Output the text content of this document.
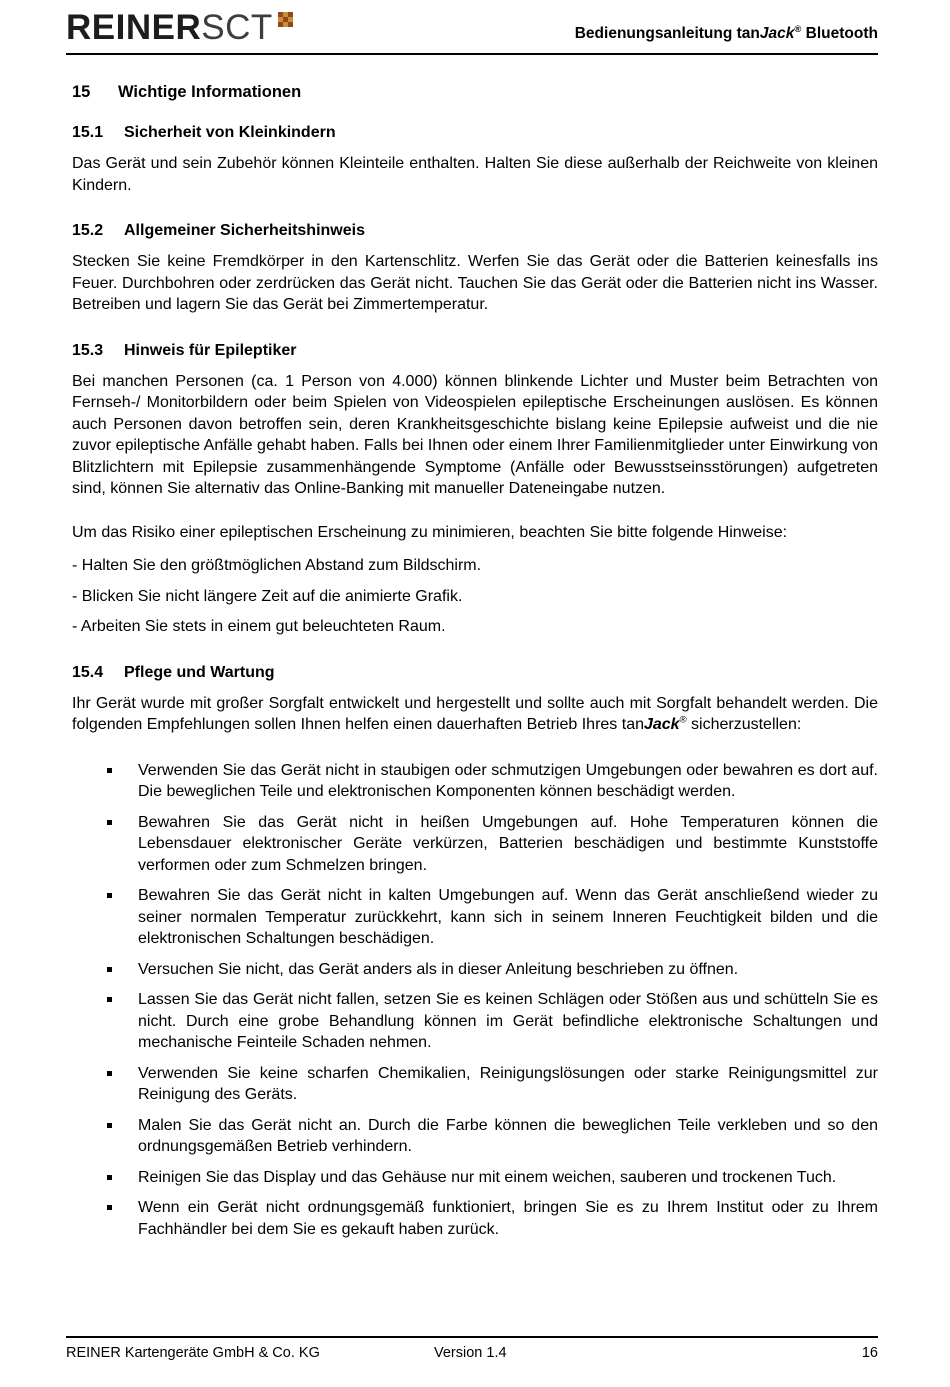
REINER SCT	Bedienungsanleitung tanJack® Bluetooth
15 Wichtige Informationen
15.1 Sicherheit von Kleinkindern

Das Gerät und sein Zubehör können Kleinteile enthalten. Halten Sie diese außerhalb der Reichweite von kleinen Kindern.

15.2 Allgemeiner Sicherheitshinweis

Stecken Sie keine Fremdkörper in den Kartenschlitz. Werfen Sie das Gerät oder die Batterien keinesfalls ins Feuer. Durchbohren oder zerdrücken das Gerät nicht. Tauchen Sie das Gerät oder die Batterien nicht ins Wasser. Betreiben und lagern Sie das Gerät bei Zimmertemperatur.

15.3 Hinweis für Epileptiker

Bei manchen Personen (ca. 1 Person von 4.000) können blinkende Lichter und Muster beim Betrachten von Fernseh-/ Monitorbildern oder beim Spielen von Videospielen epileptische Erscheinungen auslösen. Es können auch Personen davon betroffen sein, deren Krankheitsgeschichte bislang keine Epilepsie aufweist und die nie zuvor epileptische Anfälle gehabt haben. Falls bei Ihnen oder einem Ihrer Familienmitglieder unter Einwirkung von Blitzlichtern mit Epilepsie zusammenhängende Symptome (Anfälle oder Bewusstseinsstörungen) aufgetreten sind, können Sie alternativ das Online-Banking mit manueller Dateneingabe nutzen.

Um das Risiko einer epileptischen Erscheinung zu minimieren, beachten Sie bitte folgende Hinweise:

- Halten Sie den größtmöglichen Abstand zum Bildschirm.

- Blicken Sie nicht längere Zeit auf die animierte Grafik.

- Arbeiten Sie stets in einem gut beleuchteten Raum.

15.4 Pflege und Wartung

Ihr Gerät wurde mit großer Sorgfalt entwickelt und hergestellt und sollte auch mit Sorgfalt behandelt werden. Die folgenden Empfehlungen sollen Ihnen helfen einen dauerhaften Betrieb Ihres tanJack® sicherzustellen:

Verwenden Sie das Gerät nicht in staubigen oder schmutzigen Umgebungen oder bewahren es dort auf. Die beweglichen Teile und elektronischen Komponenten können beschädigt werden.

Bewahren Sie das Gerät nicht in heißen Umgebungen auf. Hohe Temperaturen können die Lebensdauer elektronischer Geräte verkürzen, Batterien beschädigen und bestimmte Kunststoffe verformen oder zum Schmelzen bringen.

Bewahren Sie das Gerät nicht in kalten Umgebungen auf. Wenn das Gerät anschließend wieder zu seiner normalen Temperatur zurückkehrt, kann sich in seinem Inneren Feuchtigkeit bilden und die elektronischen Schaltungen beschädigen.

Versuchen Sie nicht, das Gerät anders als in dieser Anleitung beschrieben zu öffnen.

Lassen Sie das Gerät nicht fallen, setzen Sie es keinen Schlägen oder Stößen aus und schütteln Sie es nicht. Durch eine grobe Behandlung können im Gerät befindliche elektronische Schaltungen und mechanische Feinteile Schaden nehmen.

Verwenden Sie keine scharfen Chemikalien, Reinigungslösungen oder starke Reinigungsmittel zur Reinigung des Geräts.

Malen Sie das Gerät nicht an. Durch die Farbe können die beweglichen Teile verkleben und so den ordnungsgemäßen Betrieb verhindern.

Reinigen Sie das Display und das Gehäuse nur mit einem weichen, sauberen und trockenen Tuch.

Wenn ein Gerät nicht ordnungsgemäß funktioniert, bringen Sie es zu Ihrem Institut oder zu Ihrem Fachhändler bei dem Sie es gekauft haben zurück.

REINER Kartengeräte GmbH & Co. KG	Version 1.4	16
